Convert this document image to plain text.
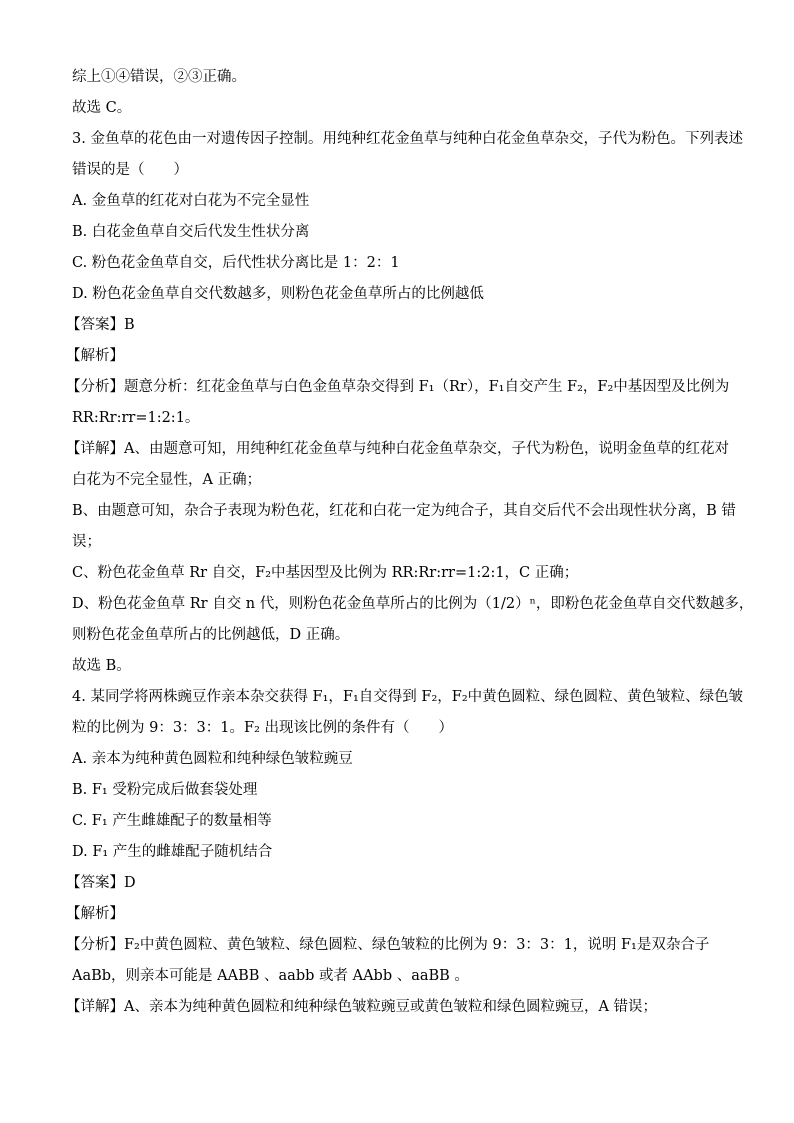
综上①④错误，②③正确。
故选 C。
3. 金鱼草的花色由一对遗传因子控制。用纯种红花金鱼草与纯种白花金鱼草杂交，子代为粉色。下列表述
错误的是（　　）
A. 金鱼草的红花对白花为不完全显性
B. 白花金鱼草自交后代发生性状分离
C. 粉色花金鱼草自交，后代性状分离比是 1：2：1
D. 粉色花金鱼草自交代数越多，则粉色花金鱼草所占的比例越低
【答案】B
【解析】
【分析】题意分析：红花金鱼草与白色金鱼草杂交得到 F₁（Rr），F₁自交产生 F₂，F₂中基因型及比例为
RR:Rr:rr=1:2:1。
【详解】A、由题意可知，用纯种红花金鱼草与纯种白花金鱼草杂交，子代为粉色，说明金鱼草的红花对
白花为不完全显性，A 正确；
B、由题意可知，杂合子表现为粉色花，红花和白花一定为纯合子，其自交后代不会出现性状分离，B 错
误；
C、粉色花金鱼草 Rr 自交，F₂中基因型及比例为 RR:Rr:rr=1:2:1，C 正确；
D、粉色花金鱼草 Rr 自交 n 代，则粉色花金鱼草所占的比例为（1/2）ⁿ，即粉色花金鱼草自交代数越多，
则粉色花金鱼草所占的比例越低，D 正确。
故选 B。
4. 某同学将两株豌豆作亲本杂交获得 F₁，F₁自交得到 F₂，F₂中黄色圆粒、绿色圆粒、黄色皱粒、绿色皱
粒的比例为 9：3：3：1。F₂ 出现该比例的条件有（　　）
A. 亲本为纯种黄色圆粒和纯种绿色皱粒豌豆
B. F₁ 受粉完成后做套袋处理
C. F₁ 产生雌雄配子的数量相等
D. F₁ 产生的雌雄配子随机结合
【答案】D
【解析】
【分析】F₂中黄色圆粒、黄色皱粒、绿色圆粒、绿色皱粒的比例为 9：3：3：1，说明 F₁是双杂合子
AaBb，则亲本可能是 AABB 、aabb 或者 AAbb 、aaBB 。
【详解】A、亲本为纯种黄色圆粒和纯种绿色皱粒豌豆或黄色皱粒和绿色圆粒豌豆，A 错误；
